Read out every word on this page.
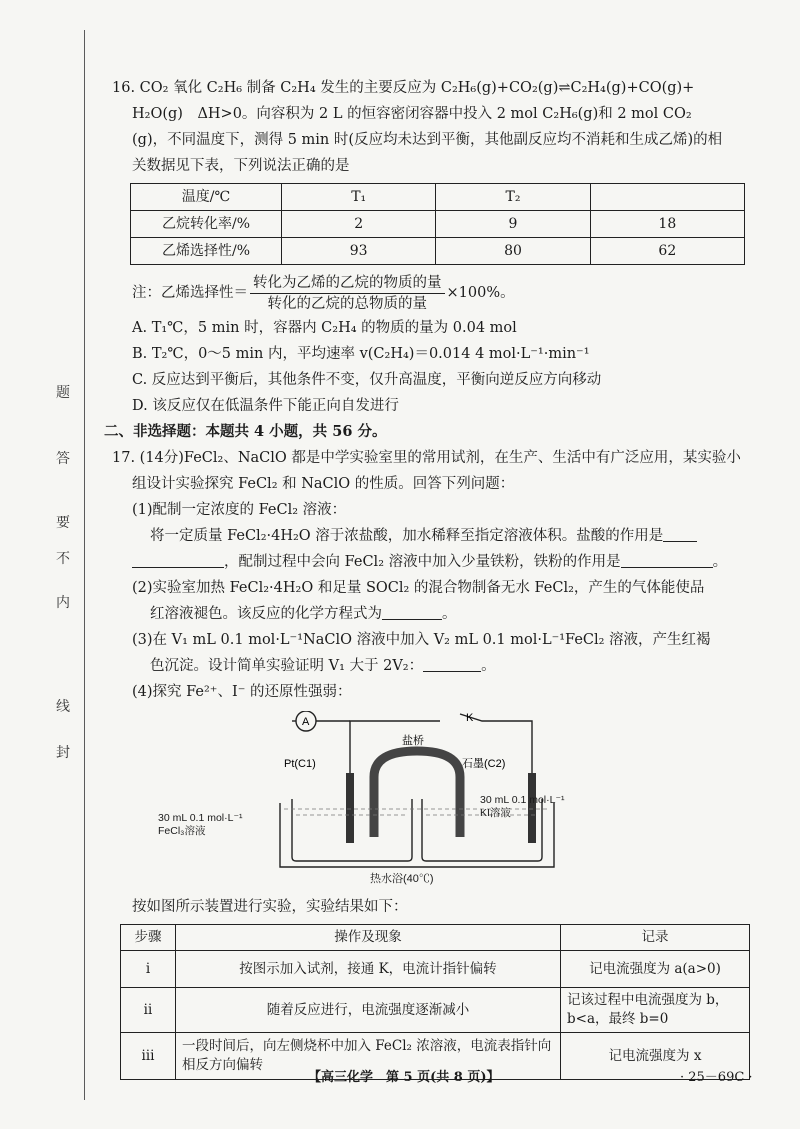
题
答
要
不
内
线
封

16. CO₂ 氧化 C₂H₆ 制备 C₂H₄ 发生的主要反应为 C₂H₆(g)+CO₂(g)⇌C₂H₄(g)+CO(g)+

H₂O(g)　ΔH>0。向容积为 2 L 的恒容密闭容器中投入 2 mol C₂H₆(g)和 2 mol CO₂

(g)，不同温度下，测得 5 min 时(反应均未达到平衡，其他副反应均不消耗和生成乙烯)的相

关数据见下表，下列说法正确的是

温度/℃	T₁	T₂	
乙烷转化率/%	2	9	18
乙烯选择性/%	93	80	62

注：乙烯选择性＝ $\frac{\text{转化为乙烯的乙烷的物质的量}}{\text{转化的乙烷的总物质的量}} \times 100\%$。

A. T₁℃，5 min 时，容器内 C₂H₄ 的物质的量为 0.04 mol

B. T₂℃，0～5 min 内，平均速率 v(C₂H₄)＝0.014 4 mol·L⁻¹·min⁻¹

C. 反应达到平衡后，其他条件不变，仅升高温度，平衡向逆反应方向移动

D. 该反应仅在低温条件下能正向自发进行

二、非选择题：本题共 4 小题，共 56 分。

17. (14分)FeCl₂、NaClO 都是中学实验室里的常用试剂，在生产、生活中有广泛应用，某实验小

组设计实验探究 FeCl₂ 和 NaClO 的性质。回答下列问题：

(1)配制一定浓度的 FeCl₂ 溶液：

将一定质量 FeCl₂·4H₂O 溶于浓盐酸，加水稀释至指定溶液体积。盐酸的作用是

，配制过程中会向 FeCl₂ 溶液中加入少量铁粉，铁粉的作用是	。

(2)实验室加热 FeCl₂·4H₂O 和足量 SOCl₂ 的混合物制备无水 FeCl₂，产生的气体能使品

红溶液褪色。该反应的化学方程式为	。

(3)在 V₁ mL 0.1 mol·L⁻¹NaClO 溶液中加入 V₂ mL 0.1 mol·L⁻¹FeCl₂ 溶液，产生红褐

色沉淀。设计简单实验证明 V₁ 大于 2V₂：	。

(4)探究 Fe²⁺、I⁻ 的还原性强弱：

A	K
盐桥
Pt(C1)	石墨(C2)
30 mL 0.1 mol·L⁻¹
FeCl₃溶液
30 mL 0.1 mol·L⁻¹
KI溶液
热水浴(40℃)

按如图所示装置进行实验，实验结果如下：

步骤	操作及现象	记录
ⅰ	按图示加入试剂，接通 K，电流计指针偏转	记电流强度为 a(a>0)
ⅱ	随着反应进行，电流强度逐渐减小	记该过程中电流强度为 b，b<a，最终 b=0
ⅲ	一段时间后，向左侧烧杯中加入 FeCl₂ 浓溶液，电流表指针向相反方向偏转	记电流强度为 x
【高三化学　第 5 页(共 8 页)】	· 25－69C ·
